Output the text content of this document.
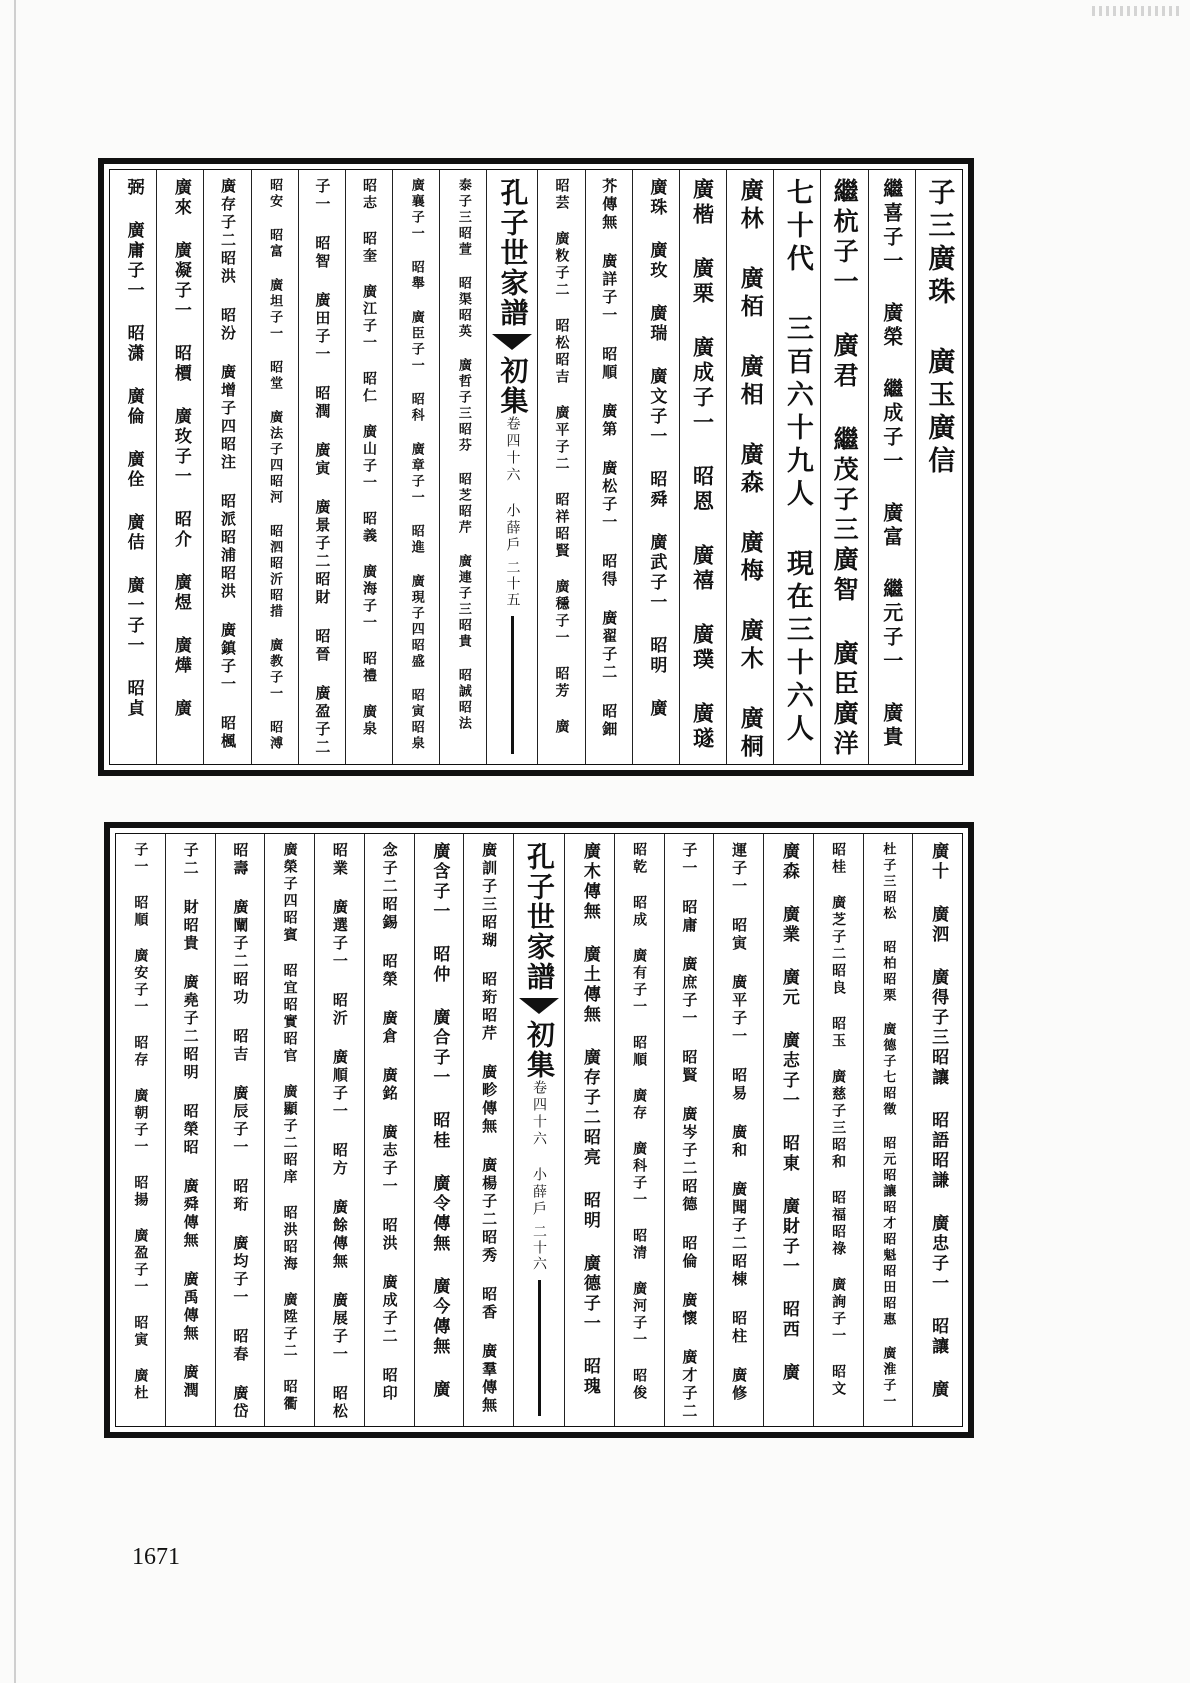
子三廣珠 廣玉廣信
繼喜子一 廣榮 繼成子一 廣富 繼元子一 廣貴
繼杭子一 廣君 繼茂子三廣智 廣臣廣洋
七十代 三百六十九人 現在三十六人
廣林 廣栢 廣相 廣森 廣梅 廣木 廣桐
廣楷 廣栗 廣成子一 昭恩 廣禧 廣璞 廣璲
廣珠 廣玫 廣瑞 廣文子一 昭舜 廣武子一 昭明 廣
芥傳無 廣詳子一 昭順 廣第 廣松子一 昭得 廣翟子二 昭鈿
昭芸 廣敉子二 昭松昭吉 廣平子二 昭祥昭賢 廣穩子一 昭芳 廣
孔子世家譜
初集
卷四十六 小薛戶
二十五
泰子三昭萱 昭渠昭英 廣哲子三昭芬 昭芝昭芹 廣連子三昭貴 昭誠昭法
廣襄子一 昭舉 廣臣子一 昭科 廣章子一 昭進 廣現子四昭盛 昭寅昭泉
昭志 昭奎 廣江子一 昭仁 廣山子一 昭義 廣海子一 昭禮 廣泉
子一 昭智 廣田子一 昭潤 廣寅 廣景子二昭財 昭晉 廣盈子二
昭安 昭富 廣坦子一 昭堂 廣法子四昭河 昭泗昭沂昭措 廣教子一 昭溥
廣存子二昭洪 昭汾 廣增子四昭注 昭派昭浦昭洪 廣鎮子一 昭楓
廣來 廣凝子一 昭檟 廣玫子一 昭介 廣煜 廣燁 廣
弼 廣庸子一 昭潇 廣倫 廣佺 廣佶 廣一子一 昭貞
廣十 廣泗 廣得子三昭讓 昭語昭謙 廣忠子一 昭讓 廣
杜子三昭松 昭柏昭栗 廣德子七昭徵 昭元昭讓昭才昭魁昭田昭惠 廣淮子一
昭桂 廣芝子二昭良 昭玉 廣慈子三昭和 昭福昭祿 廣詢子一 昭文
廣森 廣業 廣元 廣志子一 昭東 廣財子一 昭西 廣
運子一 昭寅 廣平子一 昭易 廣和 廣聞子二昭棟 昭柱 廣修
子一 昭庸 廣庶子一 昭賢 廣岑子二昭德 昭倫 廣懷 廣才子二
昭乾 昭成 廣有子一 昭順 廣存 廣科子一 昭清 廣河子一 昭俊
廣木傳無 廣土傳無 廣存子二昭亮 昭明 廣德子一 昭瑰
孔子世家譜
初集
卷四十六 小薛戶
二十六
廣訓子三昭瑚 昭珩昭芹 廣畛傳無 廣楊子二昭秀 昭香 廣羣傳無
廣含子一 昭仲 廣合子一 昭桂 廣令傳無 廣今傳無 廣
念子二昭錫 昭榮 廣倉 廣銘 廣志子一 昭洪 廣成子二 昭印
昭業 廣選子一 昭沂 廣順子一 昭方 廣餘傳無 廣展子一 昭松
廣榮子四昭賓 昭宜昭實昭官 廣顯子二昭庠 昭洪昭海 廣陞子二 昭衢
昭壽 廣闡子二昭功 昭吉 廣辰子一 昭珩 廣均子一 昭春 廣岱
子二 財昭貴 廣堯子二昭明 昭榮昭 廣舜傳無 廣禹傳無 廣潤
子一 昭順 廣安子一 昭存 廣朝子一 昭揚 廣盈子一 昭寅 廣杜
1671
